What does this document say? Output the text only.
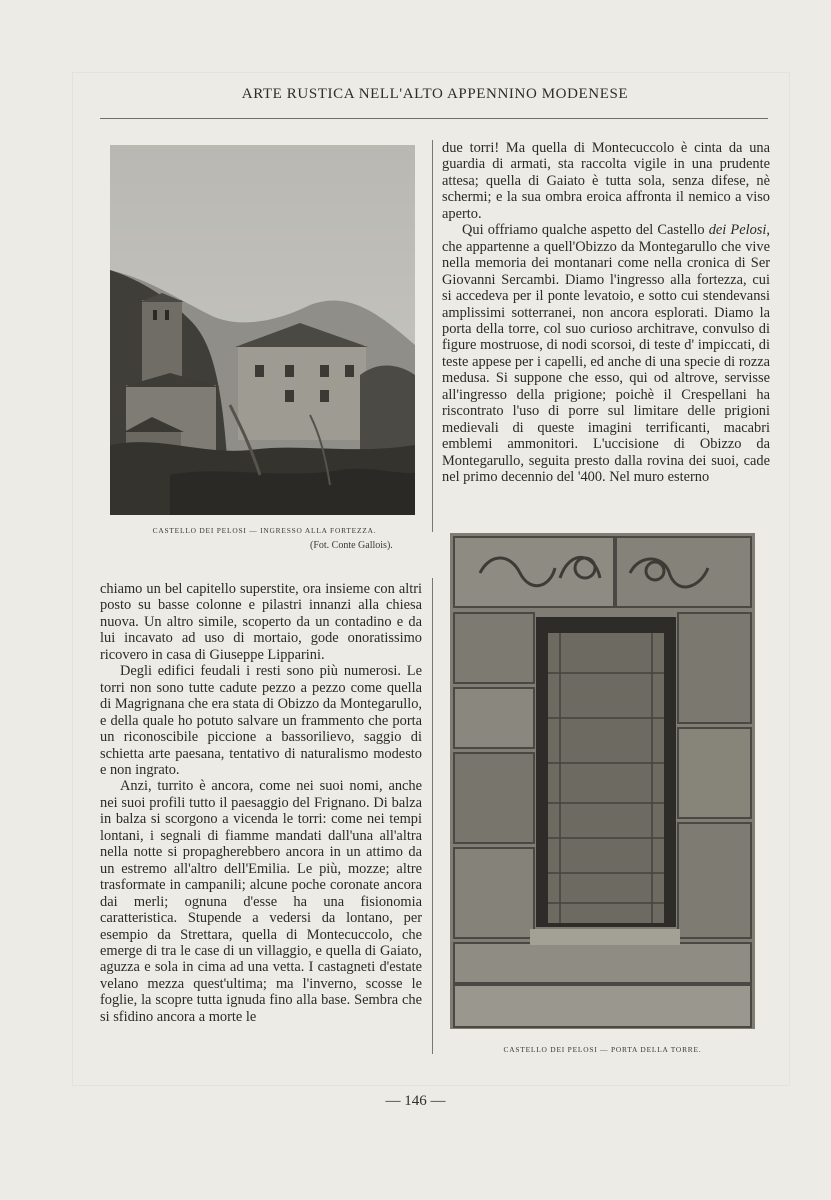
ARTE RUSTICA NELL'ALTO APPENNINO MODENESE
CASTELLO DEI PELOSI — INGRESSO ALLA FORTEZZA.
(Fot. Conte Gallois).

due torri! Ma quella di Montecuccolo è cinta da una guardia di armati, sta raccolta vigile in una prudente attesa; quella di Gaiato è tutta sola, senza difese, nè schermi; e la sua ombra eroica affronta il nemico a viso aperto.

Qui offriamo qualche aspetto del Castello dei Pelosi, che appartenne a quell'Obizzo da Montegarullo che vive nella memoria dei montanari come nella cronica di Ser Giovanni Sercambi. Diamo l'ingresso alla fortezza, cui si accedeva per il ponte levatoio, e sotto cui stendevansi amplissimi sotterranei, non ancora esplorati. Diamo la porta della torre, col suo curioso architrave, convulso di figure mostruose, di nodi scorsoi, di teste d' impiccati, di teste appese per i capelli, ed anche di una specie di rozza medusa. Si suppone che esso, qui od altrove, servisse all'ingresso della prigione; poichè il Crespellani ha riscontrato l'uso di porre sul limitare delle prigioni medievali di queste imagini terrificanti, macabri emblemi ammonitori. L'uccisione di Obizzo da Montegarullo, seguita presto dalla rovina dei suoi, cade nel primo decennio del '400. Nel muro esterno

CASTELLO DEI PELOSI — PORTA DELLA TORRE.

chiamo un bel capitello superstite, ora insieme con altri posto su basse colonne e pilastri innanzi alla chiesa nuova. Un altro simile, scoperto da un contadino e da lui incavato ad uso di mortaio, gode onoratissimo ricovero in casa di Giuseppe Lipparini.

Degli edifici feudali i resti sono più numerosi. Le torri non sono tutte cadute pezzo a pezzo come quella di Magrignana che era stata di Obizzo da Montegarullo, e della quale ho potuto salvare un frammento che porta un riconoscibile piccione a bassorilievo, saggio di schietta arte paesana, tentativo di naturalismo modesto e non ingrato.

Anzi, turrito è ancora, come nei suoi nomi, anche nei suoi profili tutto il paesaggio del Frignano. Di balza in balza si scorgono a vicenda le torri: come nei tempi lontani, i segnali di fiamme mandati dall'una all'altra nella notte si propagherebbero ancora in un attimo da un estremo all'altro dell'Emilia. Le più, mozze; altre trasformate in campanili; alcune poche coronate ancora dai merli; ognuna d'esse ha una fisionomia caratteristica. Stupende a vedersi da lontano, per esempio da Strettara, quella di Montecuccolo, che emerge di tra le case di un villaggio, e quella di Gaiato, aguzza e sola in cima ad una vetta. I castagneti d'estate velano mezza quest'ultima; ma l'inverno, scosse le foglie, la scopre tutta ignuda fino alla base. Sembra che si sfidino ancora a morte le

— 146 —
